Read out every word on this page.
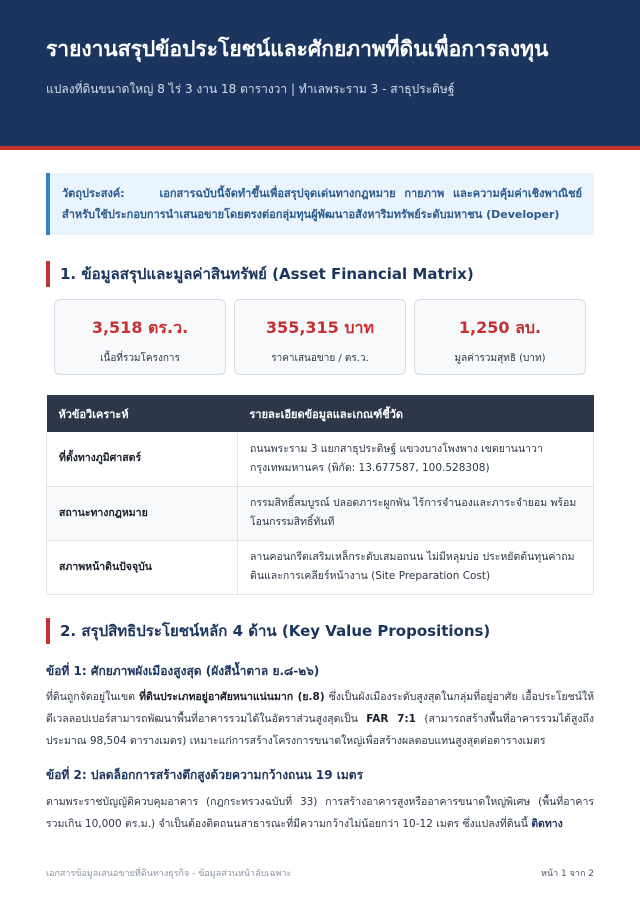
รายงานสรุปข้อประโยชน์และศักยภาพที่ดินเพื่อการลงทุน
แปลงที่ดินขนาดใหญ่ 8 ไร่ 3 งาน 18 ตารางวา | ทำเลพระราม 3 - สาธุประดิษฐ์
วัตถุประสงค์:	เอกสารฉบับนี้จัดทำขึ้นเพื่อสรุปจุดเด่นทางกฎหมาย กายภาพ และความคุ้มค่าเชิงพาณิชย์ สำหรับใช้ประกอบการนำเสนอขายโดยตรงต่อกลุ่มทุนผู้พัฒนาอสังหาริมทรัพย์ระดับมหาชน (Developer)
1. ข้อมูลสรุปและมูลค่าสินทรัพย์ (Asset Financial Matrix)
3,518 ตร.ว.
เนื้อที่รวมโครงการ
355,315 บาท
ราคาเสนอขาย / ตร.ว.
1,250 ลบ.
มูลค่ารวมสุทธิ (บาท)
หัวข้อวิเคราะห์	รายละเอียดข้อมูลและเกณฑ์ชี้วัด
ที่ตั้งทางภูมิศาสตร์	ถนนพระราม 3 แยกสาธุประดิษฐ์ แขวงบางโพงพาง เขตยานนาวา กรุงเทพมหานคร (พิกัด: 13.677587, 100.528308)
สถานะทางกฎหมาย	กรรมสิทธิ์สมบูรณ์ ปลอดภาระผูกพัน ไร้การจำนองและภาระจำยอม พร้อมโอนกรรมสิทธิ์ทันที
สภาพหน้าดินปัจจุบัน	ลานคอนกรีตเสริมเหล็กระดับเสมอถนน ไม่มีหลุมบ่อ ประหยัดต้นทุนค่าถมดินและการเคลียร์หน้างาน (Site Preparation Cost)
2. สรุปสิทธิประโยชน์หลัก 4 ด้าน (Key Value Propositions)
ข้อที่ 1: ศักยภาพผังเมืองสูงสุด (ผังสีน้ำตาล ย.๘-๒๖)
ที่ดินถูกจัดอยู่ในเขต ที่ดินประเภทอยู่อาศัยหนาแน่นมาก (ย.8) ซึ่งเป็นผังเมืองระดับสูงสุดในกลุ่มที่อยู่อาศัย เอื้อประโยชน์ให้ดีเวลลอปเปอร์สามารถพัฒนาพื้นที่อาคารรวมได้ในอัตราส่วนสูงสุดเป็น FAR 7:1 (สามารถสร้างพื้นที่อาคารรวมได้สูงถึงประมาณ 98,504 ตารางเมตร) เหมาะแก่การสร้างโครงการขนาดใหญ่เพื่อสร้างผลตอบแทนสูงสุดต่อตารางเมตร
ข้อที่ 2: ปลดล็อกการสร้างตึกสูงด้วยความกว้างถนน 19 เมตร
ตามพระราชบัญญัติควบคุมอาคาร (กฎกระทรวงฉบับที่ 33) การสร้างอาคารสูงหรืออาคารขนาดใหญ่พิเศษ (พื้นที่อาคารรวมเกิน 10,000 ตร.ม.) จำเป็นต้องติดถนนสาธารณะที่มีความกว้างไม่น้อยกว่า 10-12 เมตร ซึ่งแปลงที่ดินนี้ ติดทาง
เอกสารข้อมูลเสนอขายที่ดินทางธุรกิจ - ข้อมูลส่วนหน้าลับเฉพาะ	หน้า 1 จาก 2
